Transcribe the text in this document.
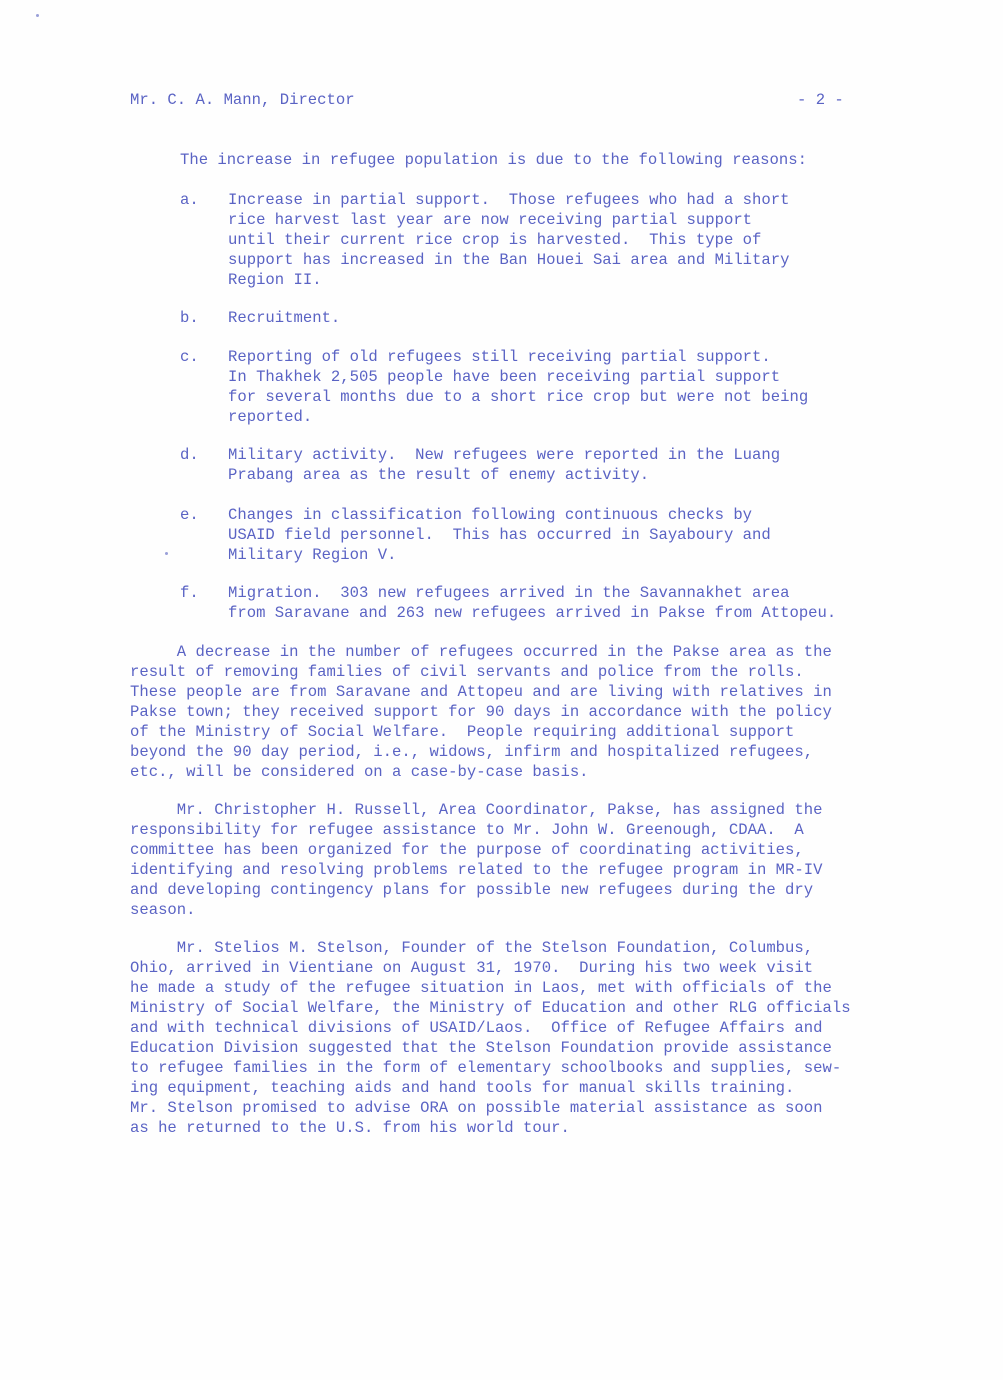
Mr. C. A. Mann, Director	- 2 -
The increase in refugee population is due to the following reasons:
a. Increase in partial support.  Those refugees who had a short
rice harvest last year are now receiving partial support
until their current rice crop is harvested.  This type of
support has increased in the Ban Houei Sai area and Military
Region II.
b. Recruitment.
c. Reporting of old refugees still receiving partial support.
In Thakhek 2,505 people have been receiving partial support
for several months due to a short rice crop but were not being
reported.
d. Military activity.  New refugees were reported in the Luang
Prabang area as the result of enemy activity.
e. Changes in classification following continuous checks by
USAID field personnel.  This has occurred in Sayaboury and
Military Region V.
f. Migration.  303 new refugees arrived in the Savannakhet area
from Saravane and 263 new refugees arrived in Pakse from Attopeu.
A decrease in the number of refugees occurred in the Pakse area as the
result of removing families of civil servants and police from the rolls.
These people are from Saravane and Attopeu and are living with relatives in
Pakse town; they received support for 90 days in accordance with the policy
of the Ministry of Social Welfare.  People requiring additional support
beyond the 90 day period, i.e., widows, infirm and hospitalized refugees,
etc., will be considered on a case-by-case basis.
Mr. Christopher H. Russell, Area Coordinator, Pakse, has assigned the
responsibility for refugee assistance to Mr. John W. Greenough, CDAA.  A
committee has been organized for the purpose of coordinating activities,
identifying and resolving problems related to the refugee program in MR-IV
and developing contingency plans for possible new refugees during the dry
season.
Mr. Stelios M. Stelson, Founder of the Stelson Foundation, Columbus,
Ohio, arrived in Vientiane on August 31, 1970.  During his two week visit
he made a study of the refugee situation in Laos, met with officials of the
Ministry of Social Welfare, the Ministry of Education and other RLG officials
and with technical divisions of USAID/Laos.  Office of Refugee Affairs and
Education Division suggested that the Stelson Foundation provide assistance
to refugee families in the form of elementary schoolbooks and supplies, sew-
ing equipment, teaching aids and hand tools for manual skills training.
Mr. Stelson promised to advise ORA on possible material assistance as soon
as he returned to the U.S. from his world tour.
